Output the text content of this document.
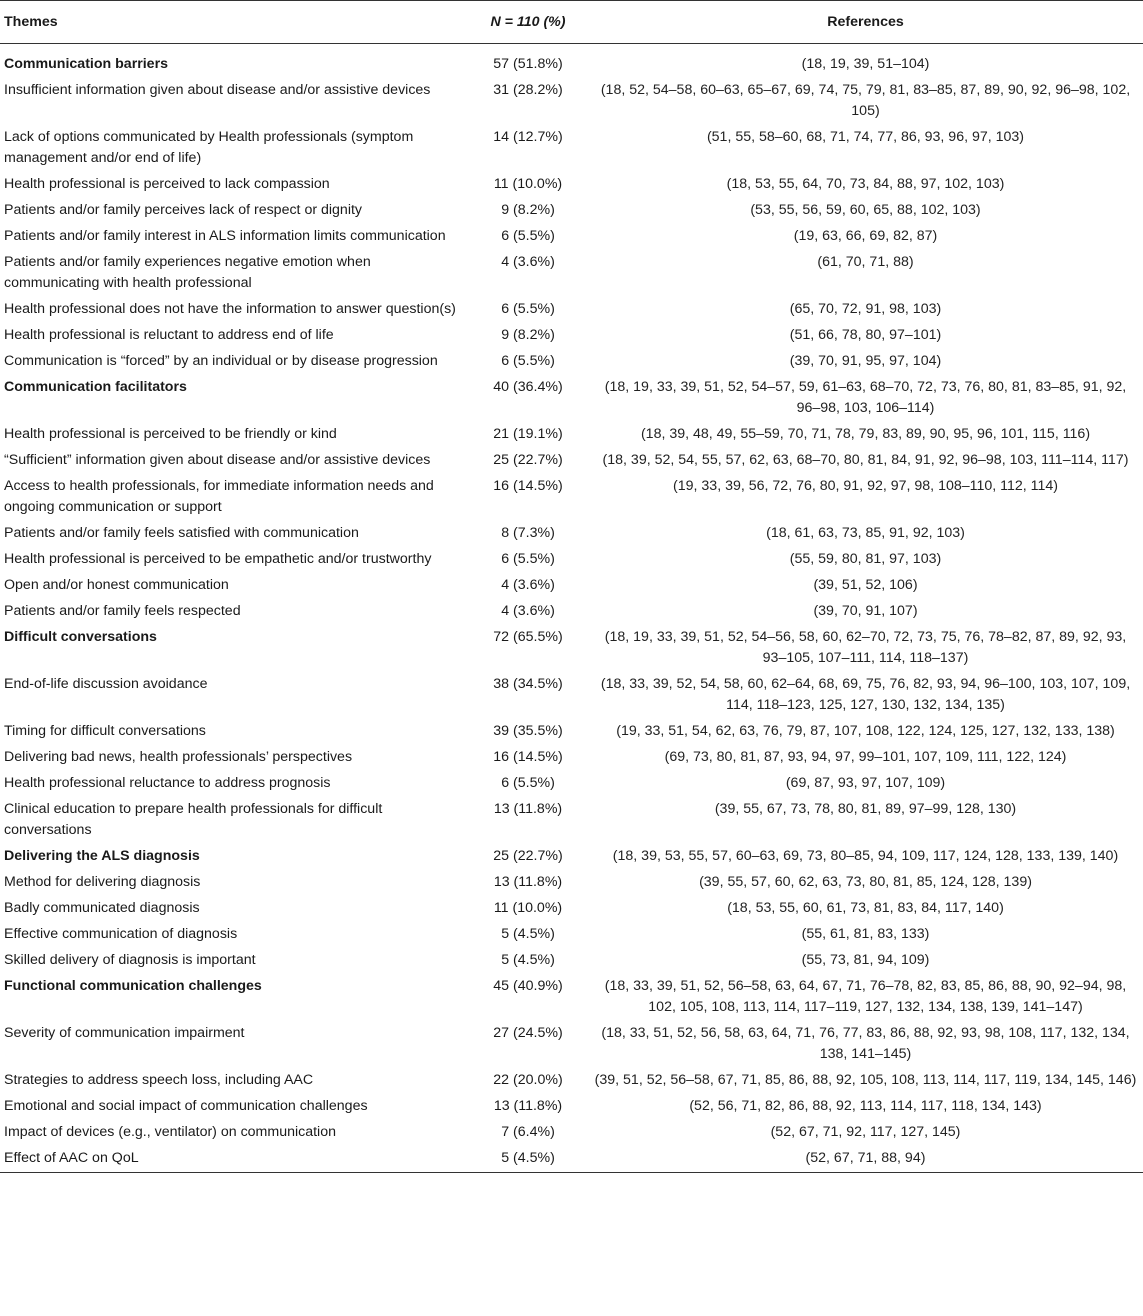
Themes	N = 110 (%)	References
Communication barriers	57 (51.8%)	(18, 19, 39, 51–104)
Insufficient information given about disease and/or assistive devices	31 (28.2%)	(18, 52, 54–58, 60–63, 65–67, 69, 74, 75, 79, 81, 83–85, 87, 89, 90, 92, 96–98, 102, 105)
Lack of options communicated by Health professionals (symptom management and/or end of life)	14 (12.7%)	(51, 55, 58–60, 68, 71, 74, 77, 86, 93, 96, 97, 103)
Health professional is perceived to lack compassion	11 (10.0%)	(18, 53, 55, 64, 70, 73, 84, 88, 97, 102, 103)
Patients and/or family perceives lack of respect or dignity	9 (8.2%)	(53, 55, 56, 59, 60, 65, 88, 102, 103)
Patients and/or family interest in ALS information limits communication	6 (5.5%)	(19, 63, 66, 69, 82, 87)
Patients and/or family experiences negative emotion when communicating with health professional	4 (3.6%)	(61, 70, 71, 88)
Health professional does not have the information to answer question(s)	6 (5.5%)	(65, 70, 72, 91, 98, 103)
Health professional is reluctant to address end of life	9 (8.2%)	(51, 66, 78, 80, 97–101)
Communication is “forced” by an individual or by disease progression	6 (5.5%)	(39, 70, 91, 95, 97, 104)
Communication facilitators	40 (36.4%)	(18, 19, 33, 39, 51, 52, 54–57, 59, 61–63, 68–70, 72, 73, 76, 80, 81, 83–85, 91, 92, 96–98, 103, 106–114)
Health professional is perceived to be friendly or kind	21 (19.1%)	(18, 39, 48, 49, 55–59, 70, 71, 78, 79, 83, 89, 90, 95, 96, 101, 115, 116)
“Sufficient” information given about disease and/or assistive devices	25 (22.7%)	(18, 39, 52, 54, 55, 57, 62, 63, 68–70, 80, 81, 84, 91, 92, 96–98, 103, 111–114, 117)
Access to health professionals, for immediate information needs and ongoing communication or support	16 (14.5%)	(19, 33, 39, 56, 72, 76, 80, 91, 92, 97, 98, 108–110, 112, 114)
Patients and/or family feels satisfied with communication	8 (7.3%)	(18, 61, 63, 73, 85, 91, 92, 103)
Health professional is perceived to be empathetic and/or trustworthy	6 (5.5%)	(55, 59, 80, 81, 97, 103)
Open and/or honest communication	4 (3.6%)	(39, 51, 52, 106)
Patients and/or family feels respected	4 (3.6%)	(39, 70, 91, 107)
Difficult conversations	72 (65.5%)	(18, 19, 33, 39, 51, 52, 54–56, 58, 60, 62–70, 72, 73, 75, 76, 78–82, 87, 89, 92, 93, 93–105, 107–111, 114, 118–137)
End-of-life discussion avoidance	38 (34.5%)	(18, 33, 39, 52, 54, 58, 60, 62–64, 68, 69, 75, 76, 82, 93, 94, 96–100, 103, 107, 109, 114, 118–123, 125, 127, 130, 132, 134, 135)
Timing for difficult conversations	39 (35.5%)	(19, 33, 51, 54, 62, 63, 76, 79, 87, 107, 108, 122, 124, 125, 127, 132, 133, 138)
Delivering bad news, health professionals’ perspectives	16 (14.5%)	(69, 73, 80, 81, 87, 93, 94, 97, 99–101, 107, 109, 111, 122, 124)
Health professional reluctance to address prognosis	6 (5.5%)	(69, 87, 93, 97, 107, 109)
Clinical education to prepare health professionals for difficult conversations	13 (11.8%)	(39, 55, 67, 73, 78, 80, 81, 89, 97–99, 128, 130)
Delivering the ALS diagnosis	25 (22.7%)	(18, 39, 53, 55, 57, 60–63, 69, 73, 80–85, 94, 109, 117, 124, 128, 133, 139, 140)
Method for delivering diagnosis	13 (11.8%)	(39, 55, 57, 60, 62, 63, 73, 80, 81, 85, 124, 128, 139)
Badly communicated diagnosis	11 (10.0%)	(18, 53, 55, 60, 61, 73, 81, 83, 84, 117, 140)
Effective communication of diagnosis	5 (4.5%)	(55, 61, 81, 83, 133)
Skilled delivery of diagnosis is important	5 (4.5%)	(55, 73, 81, 94, 109)
Functional communication challenges	45 (40.9%)	(18, 33, 39, 51, 52, 56–58, 63, 64, 67, 71, 76–78, 82, 83, 85, 86, 88, 90, 92–94, 98, 102, 105, 108, 113, 114, 117–119, 127, 132, 134, 138, 139, 141–147)
Severity of communication impairment	27 (24.5%)	(18, 33, 51, 52, 56, 58, 63, 64, 71, 76, 77, 83, 86, 88, 92, 93, 98, 108, 117, 132, 134, 138, 141–145)
Strategies to address speech loss, including AAC	22 (20.0%)	(39, 51, 52, 56–58, 67, 71, 85, 86, 88, 92, 105, 108, 113, 114, 117, 119, 134, 145, 146)
Emotional and social impact of communication challenges	13 (11.8%)	(52, 56, 71, 82, 86, 88, 92, 113, 114, 117, 118, 134, 143)
Impact of devices (e.g., ventilator) on communication	7 (6.4%)	(52, 67, 71, 92, 117, 127, 145)
Effect of AAC on QoL	5 (4.5%)	(52, 67, 71, 88, 94)
